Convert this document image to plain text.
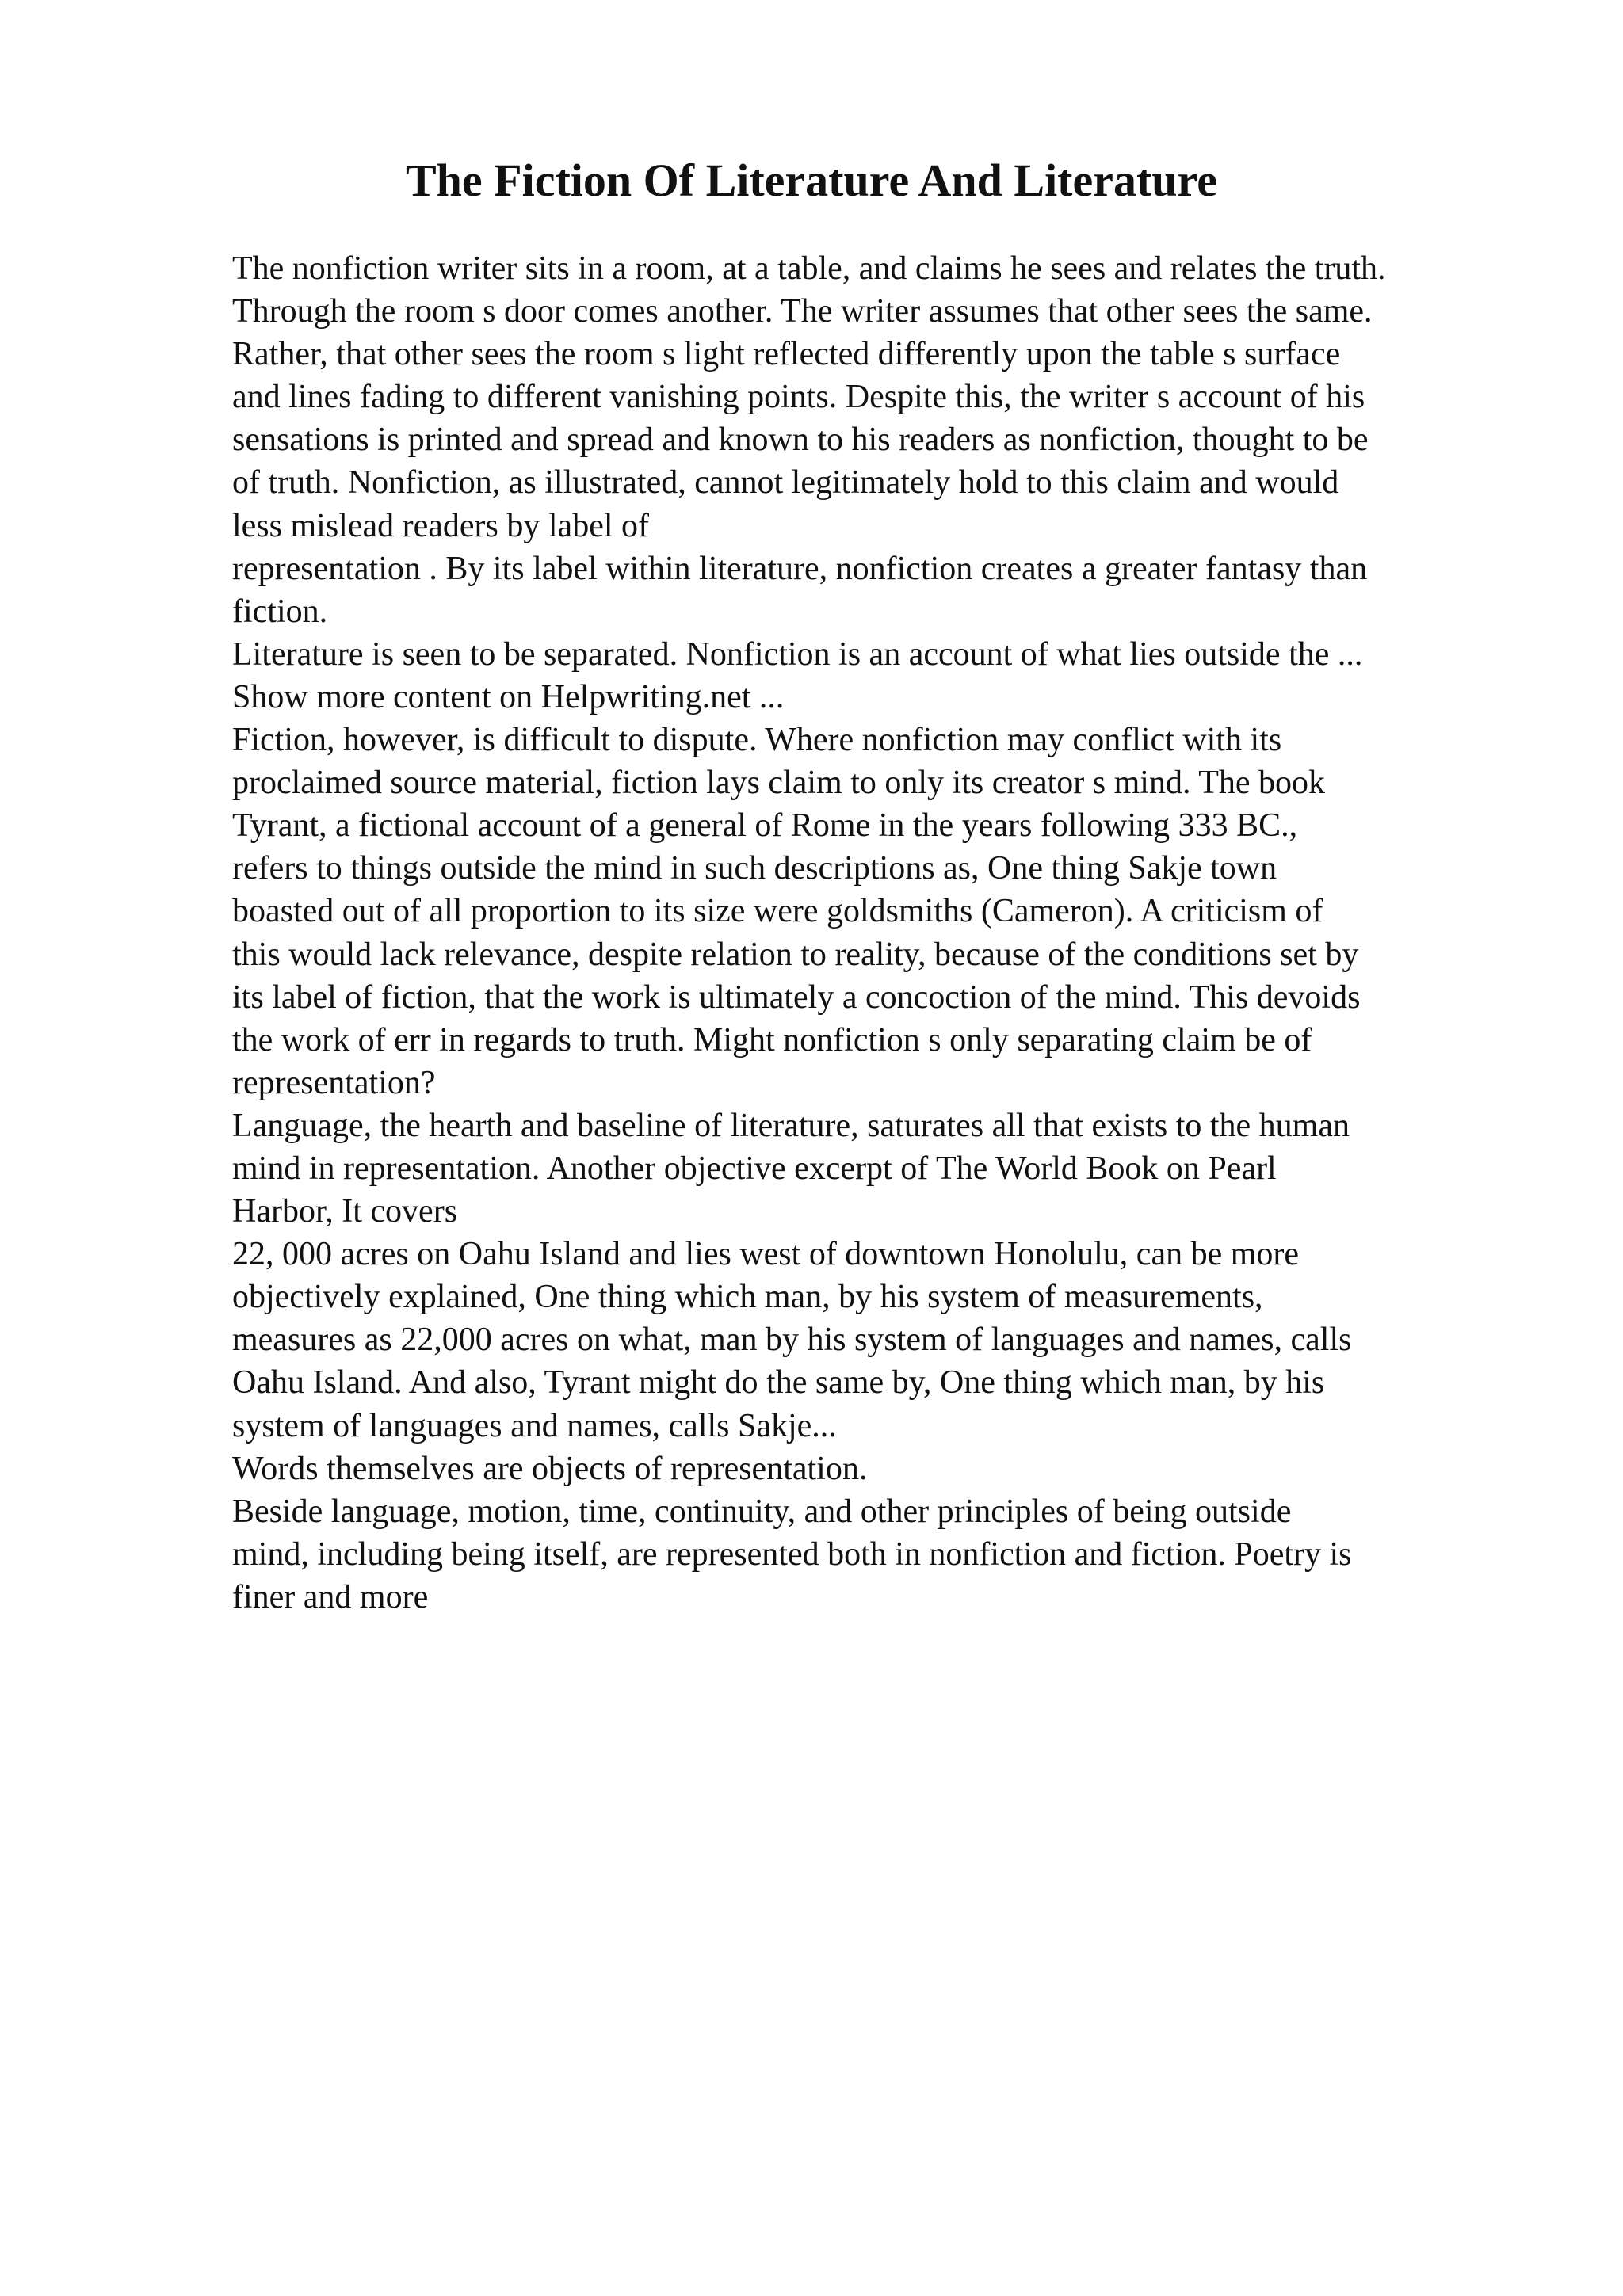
The Fiction Of Literature And Literature
The nonfiction writer sits in a room, at a table, and claims he sees and relates the truth.
Through the room s door comes another. The writer assumes that other sees the same.
Rather, that other sees the room s light reflected differently upon the table s surface
and lines fading to different vanishing points. Despite this, the writer s account of his
sensations is printed and spread and known to his readers as nonfiction, thought to be
of truth. Nonfiction, as illustrated, cannot legitimately hold to this claim and would
less mislead readers by label of
representation . By its label within literature, nonfiction creates a greater fantasy than
fiction.
Literature is seen to be separated. Nonfiction is an account of what lies outside the ...
Show more content on Helpwriting.net ...
Fiction, however, is difficult to dispute. Where nonfiction may conflict with its
proclaimed source material, fiction lays claim to only its creator s mind. The book
Tyrant, a fictional account of a general of Rome in the years following 333 BC.,
refers to things outside the mind in such descriptions as, One thing Sakje town
boasted out of all proportion to its size were goldsmiths (Cameron). A criticism of
this would lack relevance, despite relation to reality, because of the conditions set by
its label of fiction, that the work is ultimately a concoction of the mind. This devoids
the work of err in regards to truth. Might nonfiction s only separating claim be of
representation?
Language, the hearth and baseline of literature, saturates all that exists to the human
mind in representation. Another objective excerpt of The World Book on Pearl
Harbor, It covers
22, 000 acres on Oahu Island and lies west of downtown Honolulu, can be more
objectively explained, One thing which man, by his system of measurements,
measures as 22,000 acres on what, man by his system of languages and names, calls
Oahu Island. And also, Tyrant might do the same by, One thing which man, by his
system of languages and names, calls Sakje...
Words themselves are objects of representation.
Beside language, motion, time, continuity, and other principles of being outside
mind, including being itself, are represented both in nonfiction and fiction. Poetry is
finer and more
